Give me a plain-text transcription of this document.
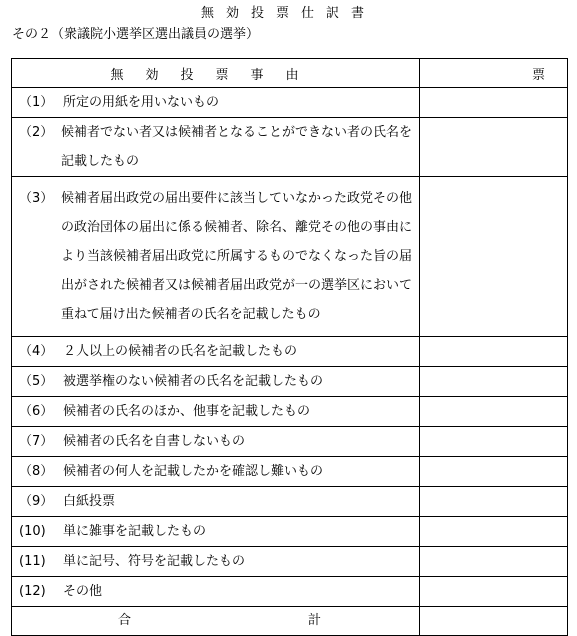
無効投票仕訳書
その２（衆議院小選挙区選出議員の選挙）
無効投票事由	票

（1） 所定の用紙を用いないもの	

（2） 候補者でない者又は候補者となることができない者の氏名を記載したもの	

（3） 候補者届出政党の届出要件に該当していなかった政党その他の政治団体の届出に係る候補者、除名、離党その他の事由により当該候補者届出政党に所属するものでなくなった旨の届出がされた候補者又は候補者届出政党が一の選挙区において重ねて届け出た候補者の氏名を記載したもの	

（4） ２人以上の候補者の氏名を記載したもの	

（5） 被選挙権のない候補者の氏名を記載したもの	

（6） 候補者の氏名のほか、他事を記載したもの	

（7） 候補者の氏名を自書しないもの	

（8） 候補者の何人を記載したかを確認し難いもの	

（9） 白紙投票	

(10) 単に雑事を記載したもの	

(11) 単に記号、符号を記載したもの	

(12) その他	

合 計	
